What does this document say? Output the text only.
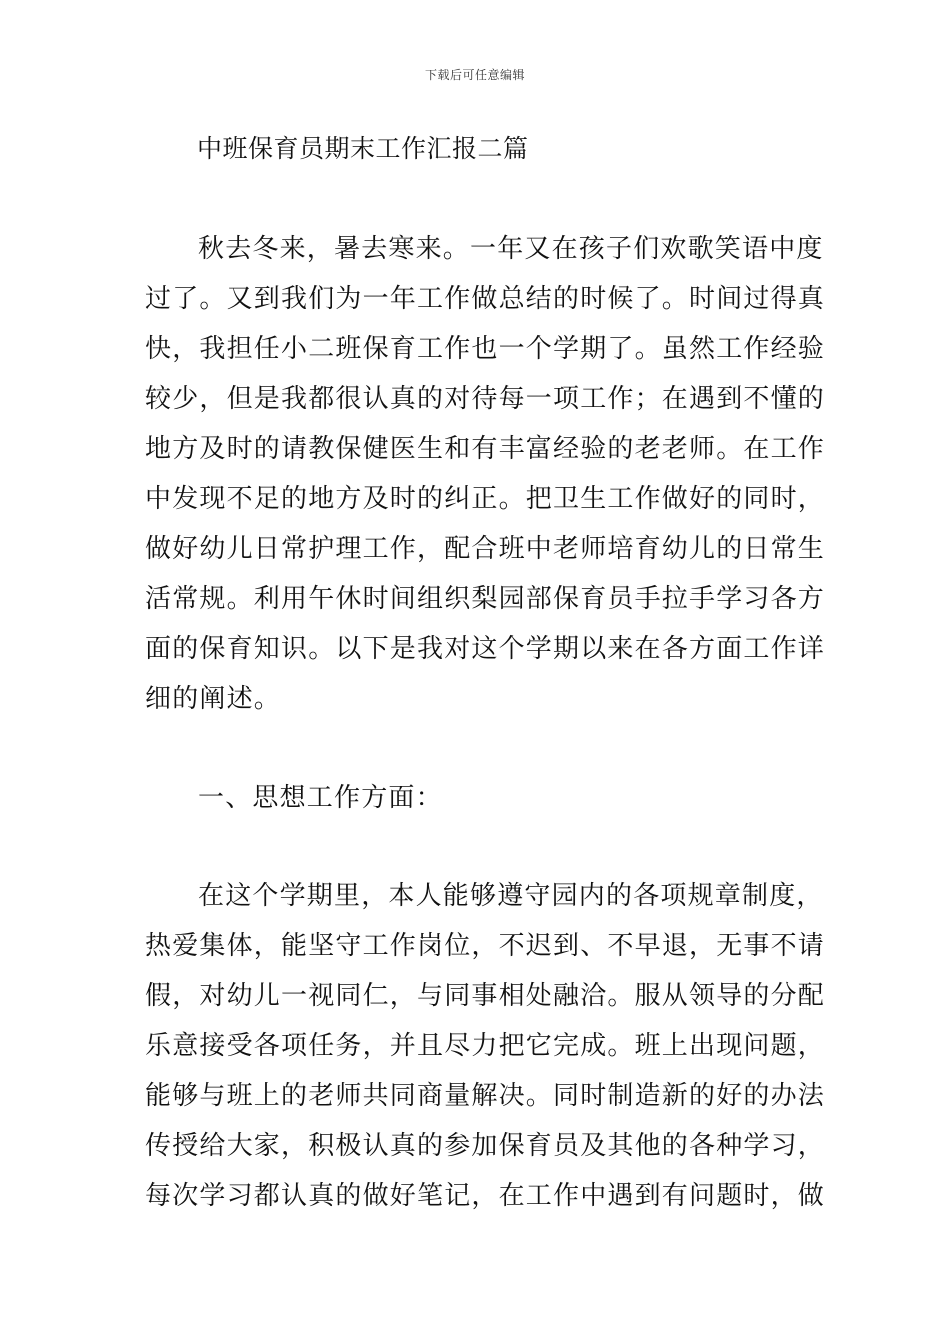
下载后可任意编辑
中班保育员期末工作汇报二篇
秋去冬来，暑去寒来。一年又在孩子们欢歌笑语中度
过了。又到我们为一年工作做总结的时候了。时间过得真
快，我担任小二班保育工作也一个学期了。虽然工作经验
较少，但是我都很认真的对待每一项工作；在遇到不懂的
地方及时的请教保健医生和有丰富经验的老老师。在工作
中发现不足的地方及时的纠正。把卫生工作做好的同时，
做好幼儿日常护理工作，配合班中老师培育幼儿的日常生
活常规。利用午休时间组织梨园部保育员手拉手学习各方
面的保育知识。以下是我对这个学期以来在各方面工作详
细的阐述。
一、思想工作方面：
在这个学期里，本人能够遵守园内的各项规章制度，
热爱集体，能坚守工作岗位，不迟到、不早退，无事不请
假，对幼儿一视同仁，与同事相处融洽。服从领导的分配
乐意接受各项任务，并且尽力把它完成。班上出现问题，
能够与班上的老师共同商量解决。同时制造新的好的办法
传授给大家，积极认真的参加保育员及其他的各种学习，
每次学习都认真的做好笔记，在工作中遇到有问题时，做
